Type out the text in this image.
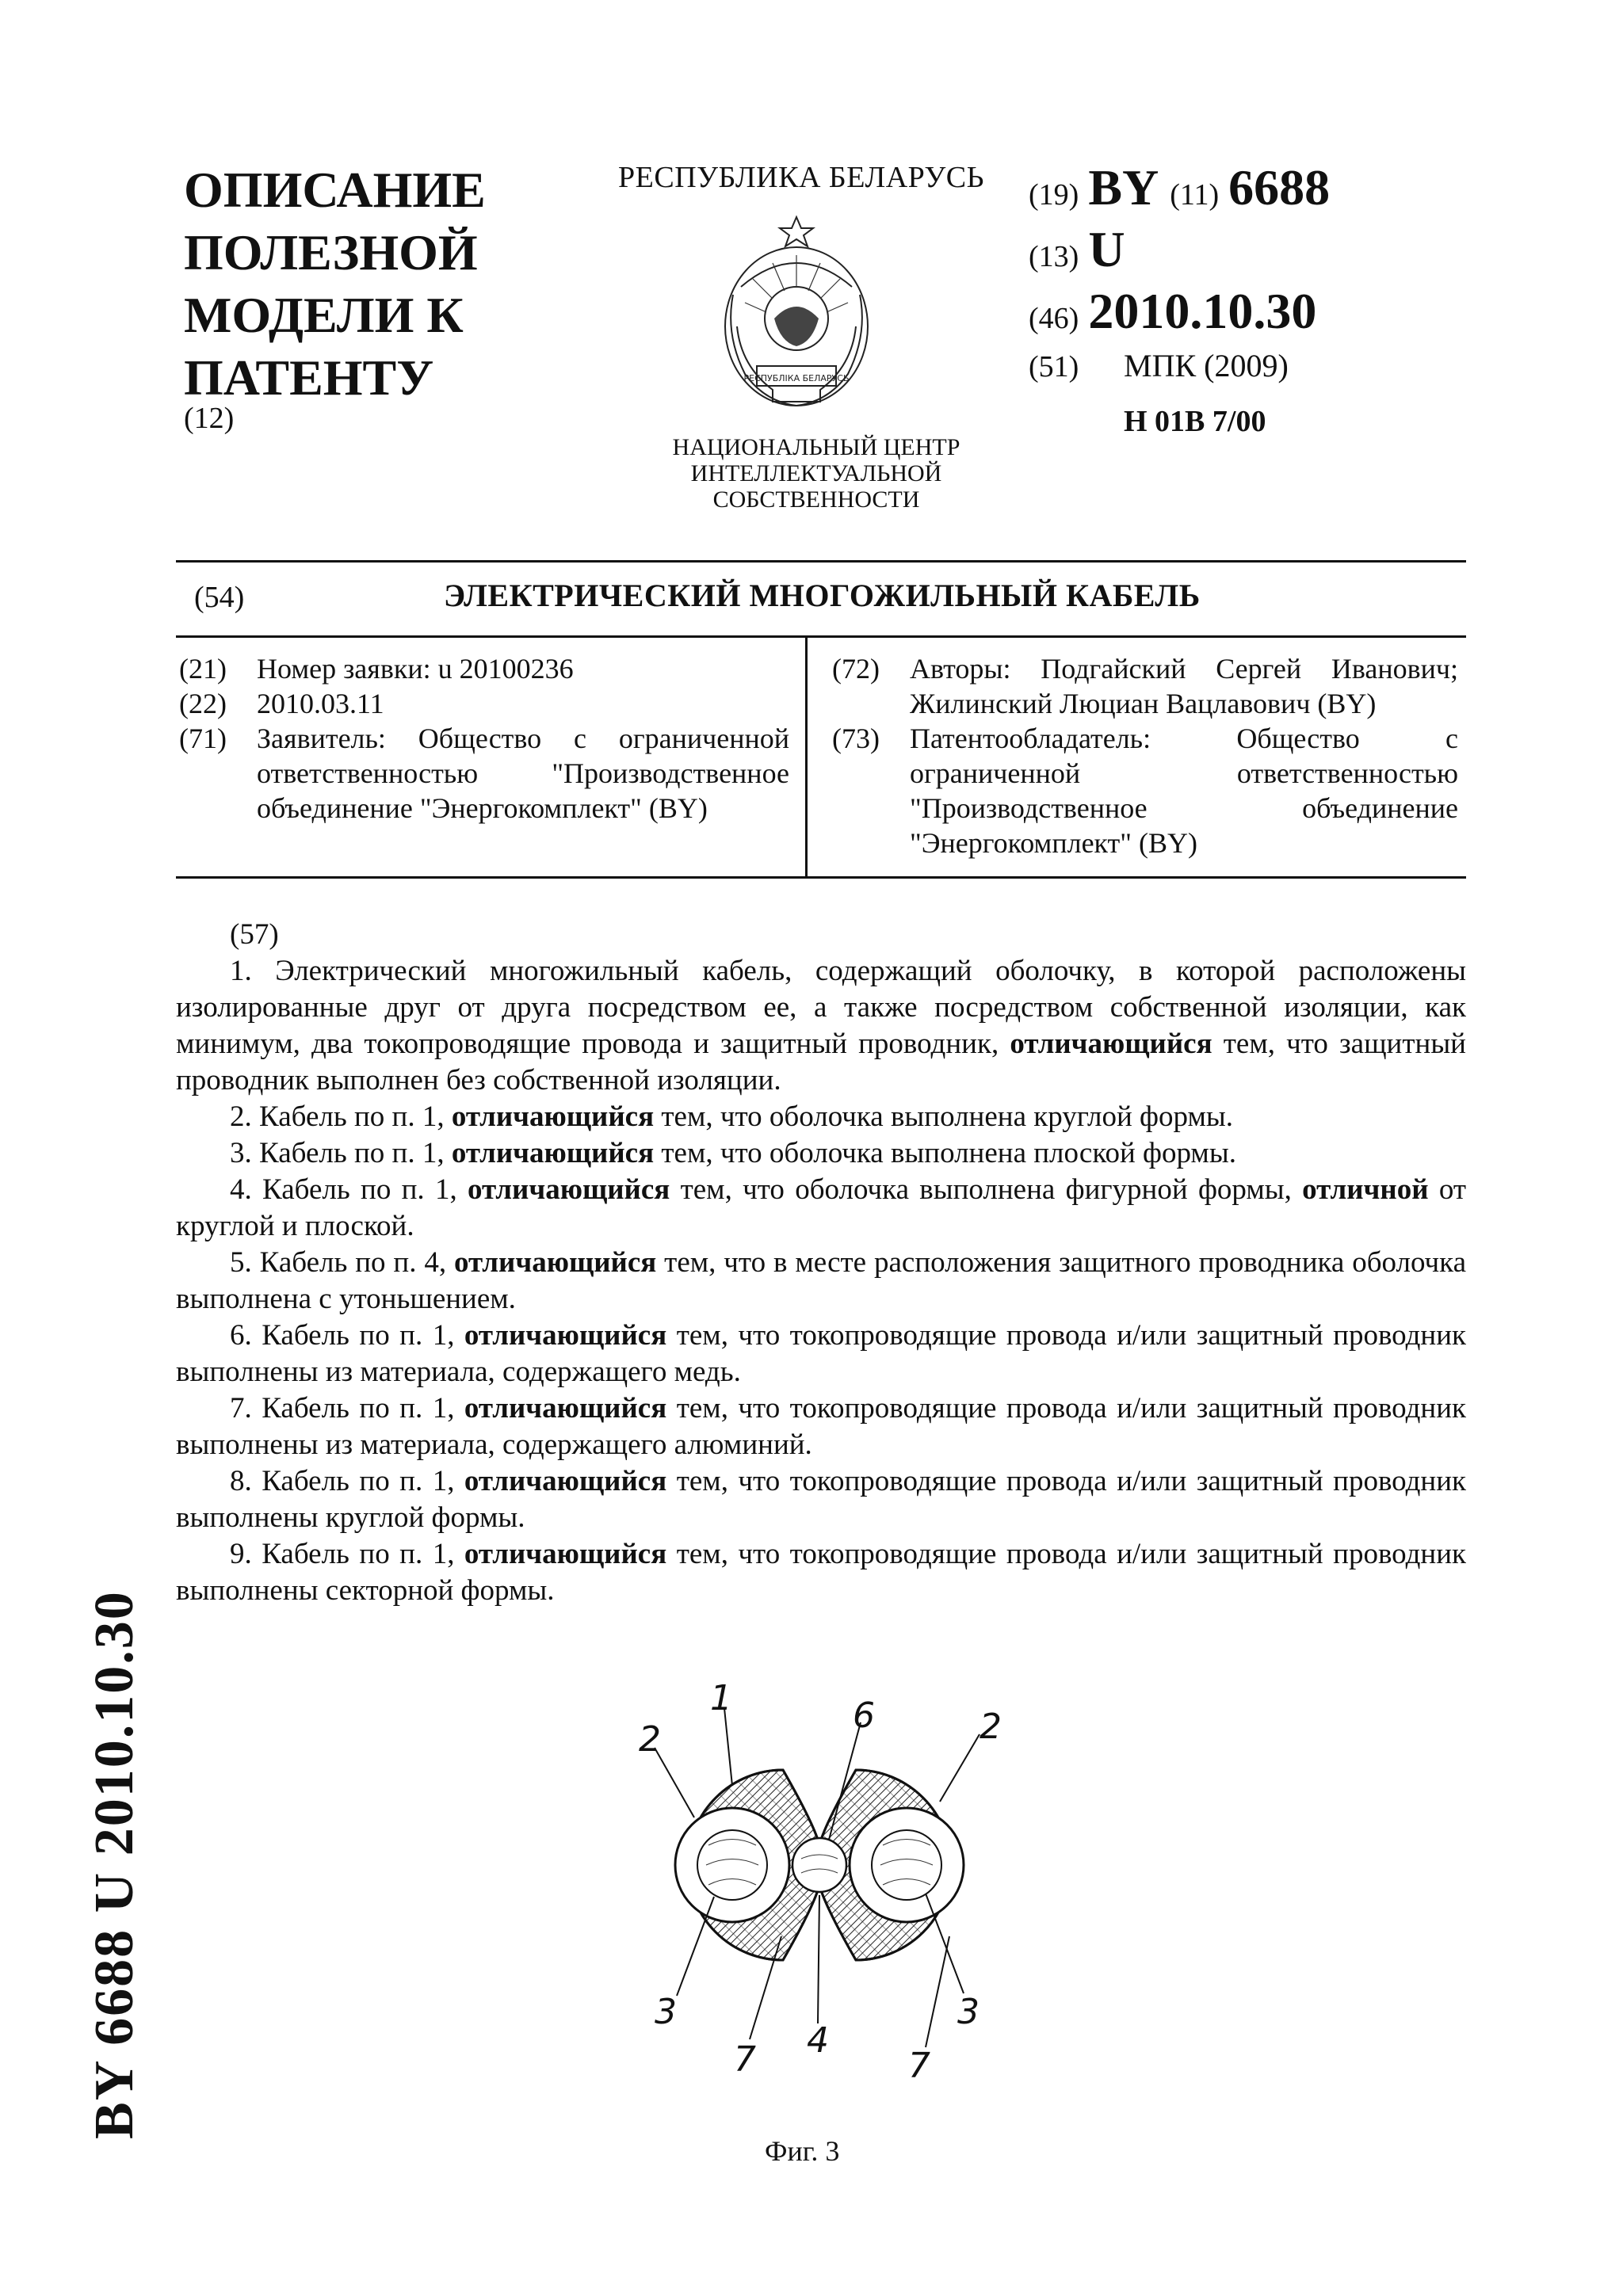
ОПИСАНИЕ
ПОЛЕЗНОЙ
МОДЕЛИ К
ПАТЕНТУ
(12)
РЕСПУБЛИКА БЕЛАРУСЬ
РЕСПУБЛІКА БЕЛАРУСЬ
НАЦИОНАЛЬНЫЙ ЦЕНТР
ИНТЕЛЛЕКТУАЛЬНОЙ
СОБСТВЕННОСТИ
(19) BY (11) 6688
(13) U
(46) 2010.10.30
(51)	МПК (2009)
H 01B 7/00
(54)	ЭЛЕКТРИЧЕСКИЙ МНОГОЖИЛЬНЫЙ КАБЕЛЬ
(21)	Номер заявки: u 20100236
(22)	2010.03.11
(71)	Заявитель: Общество с ограниченной ответственностью "Производственное объединение "Энергокомплект" (BY)
(72)	Авторы: Подгайский Сергей Иванович; Жилинский Люциан Вацлавович (BY)
(73)	Патентообладатель: Общество с ограниченной ответственностью "Производственное объединение "Энергокомплект" (BY)

(57)

1. Электрический многожильный кабель, содержащий оболочку, в которой расположены изолированные друг от друга посредством ее, а также посредством собственной изоляции, как минимум, два токопроводящие провода и защитный проводник, отличающийся тем, что защитный проводник выполнен без собственной изоляции.

2. Кабель по п. 1, отличающийся тем, что оболочка выполнена круглой формы.

3. Кабель по п. 1, отличающийся тем, что оболочка выполнена плоской формы.

4. Кабель по п. 1, отличающийся тем, что оболочка выполнена фигурной формы, отличной от круглой и плоской.

5. Кабель по п. 4, отличающийся тем, что в месте расположения защитного проводника оболочка выполнена с утоньшением.

6. Кабель по п. 1, отличающийся тем, что токопроводящие провода и/или защитный проводник выполнены из материала, содержащего медь.

7. Кабель по п. 1, отличающийся тем, что токопроводящие провода и/или защитный проводник выполнены из материала, содержащего алюминий.

8. Кабель по п. 1, отличающийся тем, что токопроводящие провода и/или защитный проводник выполнены круглой формы.

9. Кабель по п. 1, отличающийся тем, что токопроводящие провода и/или защитный проводник выполнены секторной формы.

1
2
6	2
3
4
3
7	7
Фиг. 3
BY 6688 U 2010.10.30
